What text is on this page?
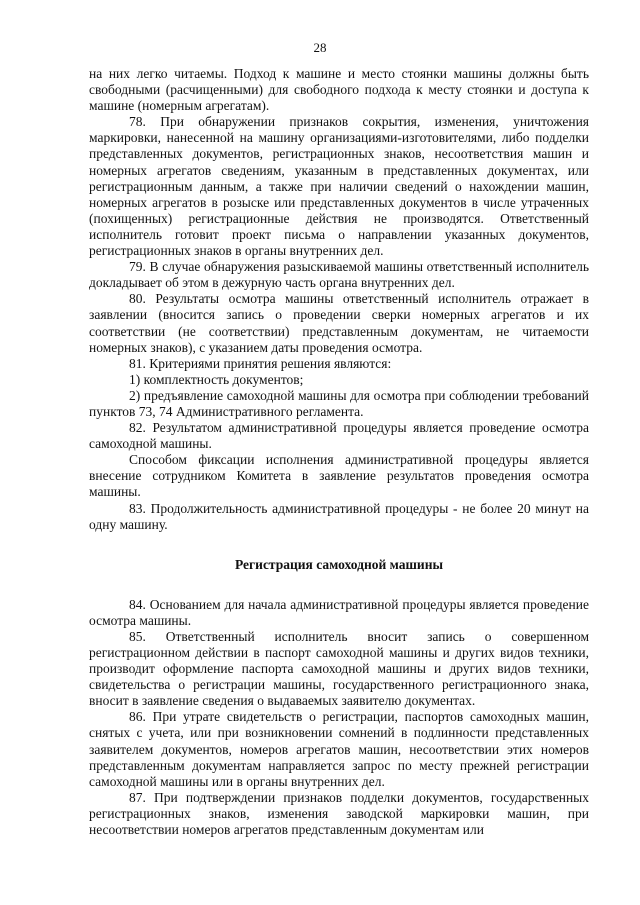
28

на них легко читаемы. Подход к машине и место стоянки машины должны быть свободными (расчищенными) для свободного подхода к месту стоянки и доступа к машине (номерным агрегатам).

78. При обнаружении признаков сокрытия, изменения, уничтожения маркировки, нанесенной на машину организациями-изготовителями, либо подделки представленных документов, регистрационных знаков, несоответствия машин и номерных агрегатов сведениям, указанным в представленных документах, или регистрационным данным, а также при наличии сведений о нахождении машин, номерных агрегатов в розыске или представленных документов в числе утраченных (похищенных) регистрационные действия не производятся. Ответственный исполнитель готовит проект письма о направлении указанных документов, регистрационных знаков в органы внутренних дел.

79. В случае обнаружения разыскиваемой машины ответственный исполнитель докладывает об этом в дежурную часть органа внутренних дел.

80. Результаты осмотра машины ответственный исполнитель отражает в заявлении (вносится запись о проведении сверки номерных агрегатов и их соответствии (не соответствии) представленным документам, не читаемости номерных знаков), с указанием даты проведения осмотра.

81. Критериями принятия решения являются:

1) комплектность документов;

2) предъявление самоходной машины для осмотра при соблюдении требований пунктов 73, 74 Административного регламента.

82. Результатом административной процедуры является проведение осмотра самоходной машины.

Способом фиксации исполнения административной процедуры является внесение сотрудником Комитета в заявление результатов проведения осмотра машины.

83. Продолжительность административной процедуры - не более 20 минут на одну машину.

Регистрация самоходной машины

84. Основанием для начала административной процедуры является проведение осмотра машины.

85. Ответственный исполнитель вносит запись о совершенном регистрационном действии в паспорт самоходной машины и других видов техники, производит оформление паспорта самоходной машины и других видов техники, свидетельства о регистрации машины, государственного регистрационного знака, вносит в заявление сведения о выдаваемых заявителю документах.

86. При утрате свидетельств о регистрации, паспортов самоходных машин, снятых с учета, или при возникновении сомнений в подлинности представленных заявителем документов, номеров агрегатов машин, несоответствии этих номеров представленным документам направляется запрос по месту прежней регистрации самоходной машины или в органы внутренних дел.

87. При подтверждении признаков подделки документов, государственных регистрационных знаков, изменения заводской маркировки машин, при несоответствии номеров агрегатов представленным документам или
